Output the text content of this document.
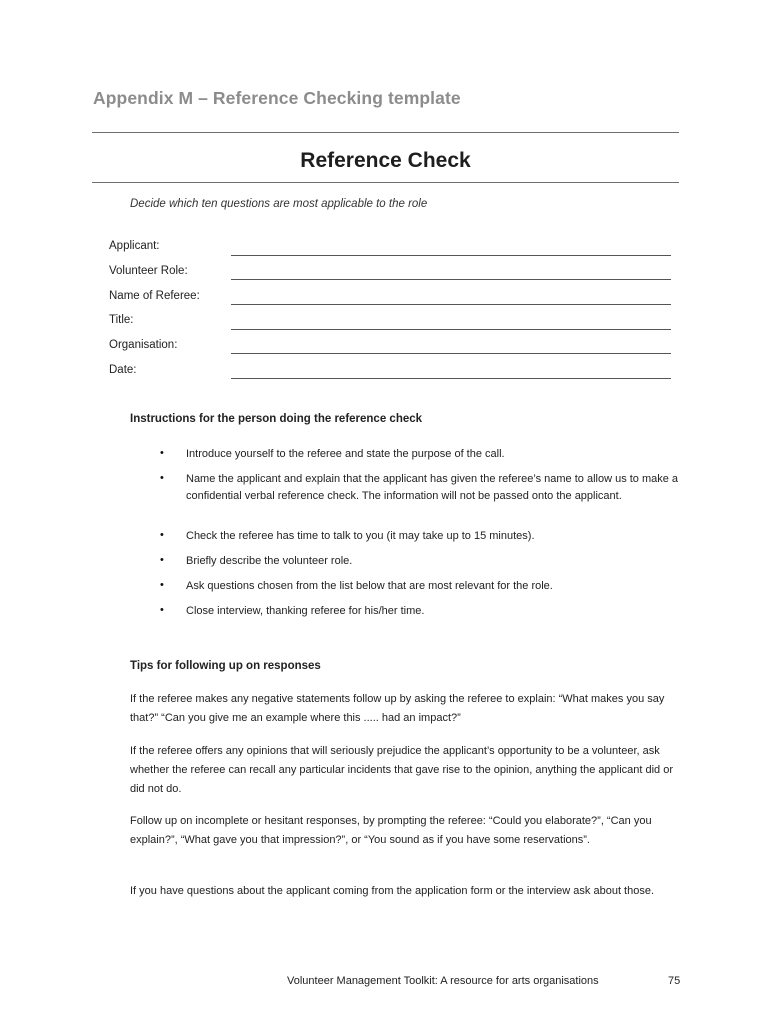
Appendix M – Reference Checking template
Reference Check
Decide which ten questions are most applicable to the role
Applicant:
Volunteer Role:
Name of Referee:
Title:
Organisation:
Date:
Instructions for the person doing the reference check
•	Introduce yourself to the referee and state the purpose of the call.
•	Name the applicant and explain that the applicant has given the referee’s name to allow us to make a confidential verbal reference check. The information will not be passed onto the applicant.
•	Check the referee has time to talk to you (it may take up to 15 minutes).
•	Briefly describe the volunteer role.
•	Ask questions chosen from the list below that are most relevant for the role.
•	Close interview, thanking referee for his/her time.
Tips for following up on responses
If the referee makes any negative statements follow up by asking the referee to explain: “What makes you say that?” “Can you give me an example where this ..... had an impact?”
If the referee offers any opinions that will seriously prejudice the applicant’s opportunity to be a volunteer, ask whether the referee can recall any particular incidents that gave rise to the opinion, anything the applicant did or did not do.
Follow up on incomplete or hesitant responses, by prompting the referee: “Could you elaborate?”, “Can you explain?”, “What gave you that impression?”, or “You sound as if you have some reservations”.
If you have questions about the applicant coming from the application form or the interview ask about those.
Volunteer Management Toolkit: A resource for arts organisations	75
